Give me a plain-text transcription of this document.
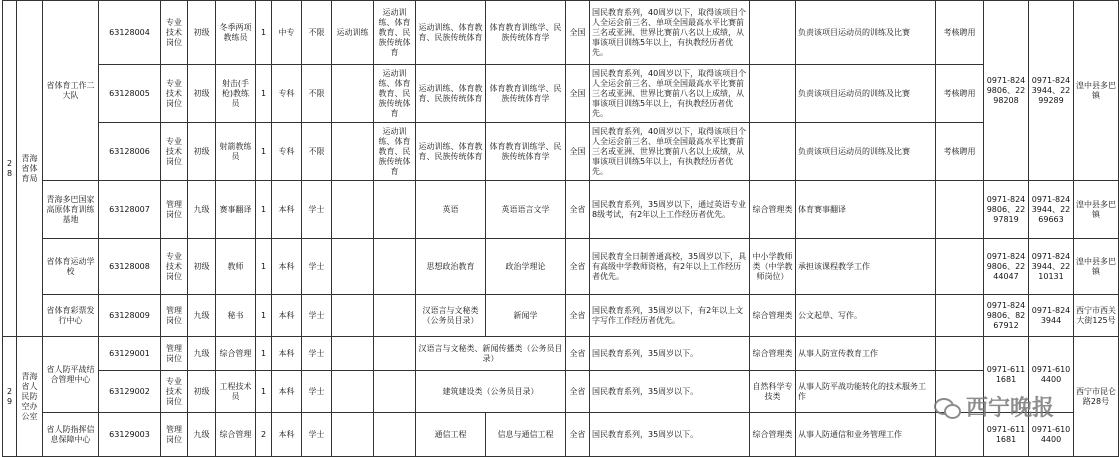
28	青海省体育局	省体育工作二大队	63128004	专业技术岗位	初级	冬季两项教练员	1	中专	不限	运动训练	运动训练、体育教育、民族传统体育	运动训练、体育教育、民族传统体育	体育教育训练学、民族传统体育学	全国	国民教育系列，40周岁以下，取得该项目个人全运会前三名、单项全国最高水平比赛前三名或亚洲、世界比赛前八名以上成绩，从事该项目训练5年以上，有执教经历者优先。		负责该项目运动员的训练及比赛	考核聘用	0971-8249806、2298208	0971-8243944、2299289	湟中县多巴镇
			63128005	专业技术岗位	初级	射击(手枪)教练员	1	专科	不限		运动训练、体育教育、民族传统体育	运动训练、体育教育、民族传统体育	体育教育训练学、民族传统体育学	全国	国民教育系列，40周岁以下，取得该项目个人全运会前三名、单项全国最高水平比赛前三名或亚洲、世界比赛前八名以上成绩，从事该项目训练5年以上，有执教经历者优先。		负责该项目运动员的训练及比赛	考核聘用			
			63128006	专业技术岗位	初级	射箭教练员	1	专科	不限		运动训练、体育教育、民族传统体育	运动训练、体育教育、民族传统体育	体育教育训练学、民族传统体育学	全国	国民教育系列，40周岁以下，取得该项目个人全运会前三名、单项全国最高水平比赛前三名或亚洲、世界比赛前八名以上成绩，从事该项目训练5年以上，有执教经历者优先。		负责该项目运动员的训练及比赛	考核聘用			
		青海多巴国家高原体育训练基地	63128007	管理岗位	九级	赛事翻译	1	本科	学士			英语	英语语言文学	全省	国民教育系列，35周岁以下，通过英语专业8级考试，有2年以上工作经历者优先。	综合管理类	体育赛事翻译		0971-8249806、2297819	0971-8243944、2269663	湟中县多巴镇
		省体育运动学校	63128008	专业技术岗位	初级	教师	1	本科	学士			思想政治教育	政治学理论	全省	国民教育全日制普通高校，35周岁以下，具有高级中学教师资格，有2年以上工作经历者优先。	中小学教师类（中学教师岗位）	承担该课程教学工作		0971-8249806、2244047	0971-8243944、2210131	湟中县多巴镇
		省体育彩票发行中心	63128009	管理岗位	九级	秘书	1	本科	学士			汉语言与文秘类（公务员目录）	新闻学	全省	国民教育系列，35周岁以下，有2年以上文字写作工作经历者优先。	综合管理类	公文起草、写作。		0971-8249806、8267912	0971-8243944	西宁市西关大街125号
29	青海省人民防空办公室	省人防平战结合管理中心	63129001	管理岗位	九级	综合管理	1	本科	学士			汉语言与文秘类、新闻传播类（公务员目录）		全省	国民教育系列，35周岁以下。	综合管理类	从事人防宣传教育工作		0971-6111681	0971-6104400	西宁市昆仑路28号
			63129002	专业技术岗位	初级	工程技术员	1	本科	学士			建筑建设类（公务员目录）		全省	国民教育系列，35周岁以下。	自然科学专技类	从事人防平战功能转化的技术服务工作				
		省人防指挥信息保障中心	63129003	管理岗位	九级	综合管理	2	本科	学士			通信工程	信息与通信工程	全省	国民教育系列，35周岁以下。	综合管理类	从事人防通信和业务管理工作		0971-6111681	0971-6104400	
西宁晚报
